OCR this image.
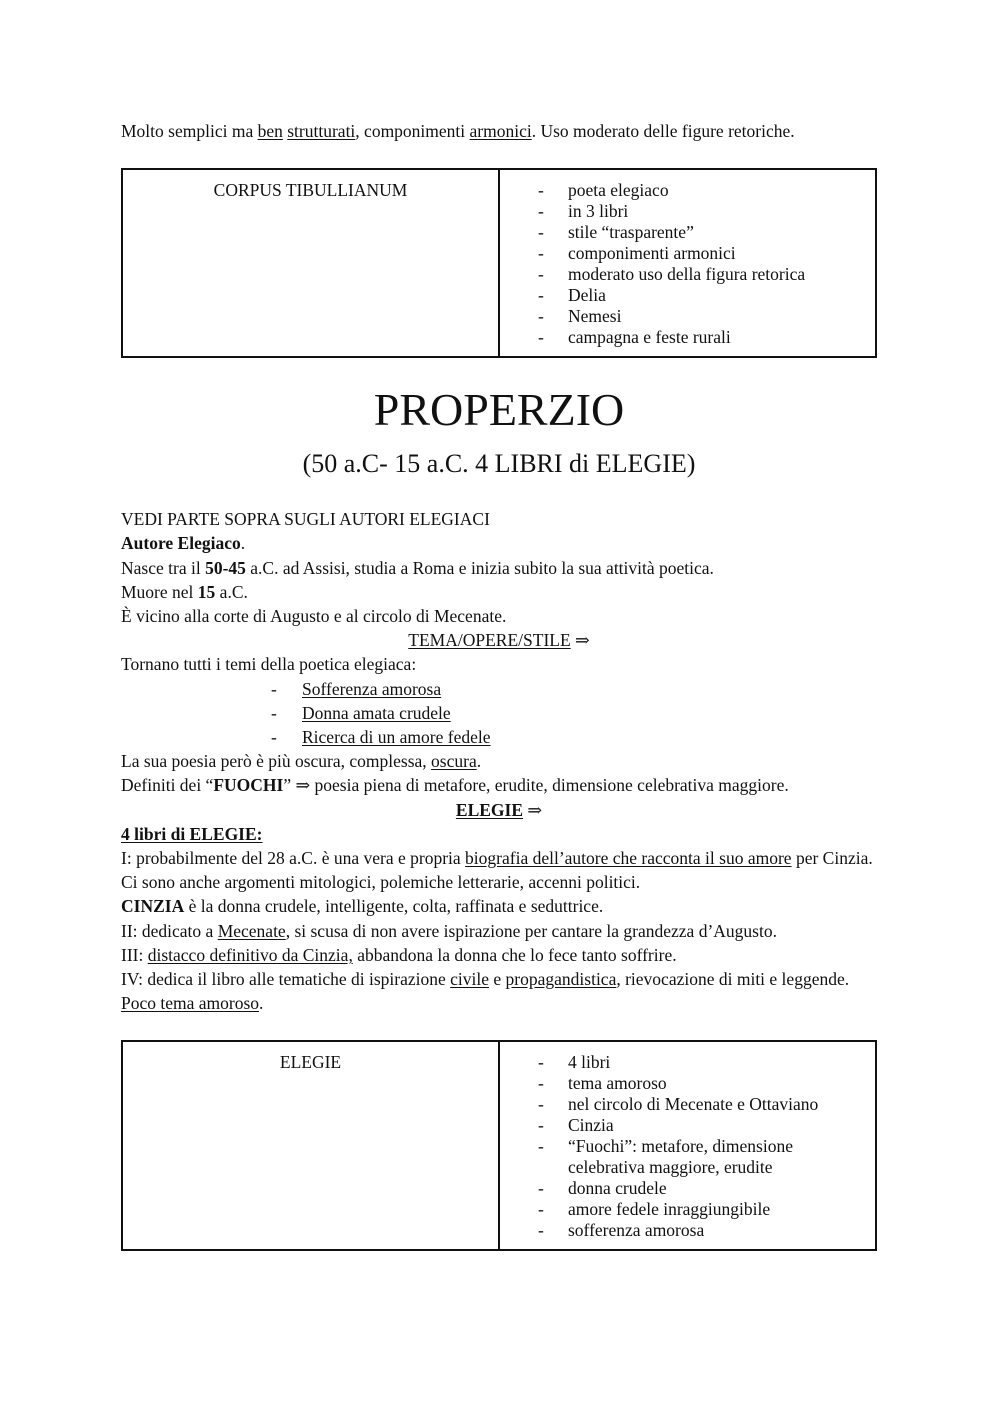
Molto semplici ma ben strutturati, componimenti armonici. Uso moderato delle figure retoriche.

CORPUS TIBULLIANUM	- poeta elegiaco
- in 3 libri
- stile “trasparente”
- componimenti armonici
- moderato uso della figura retorica
- Delia
- Nemesi
- campagna e feste rurali
PROPERZIO
(50 a.C- 15 a.C. 4 LIBRI di ELEGIE)

VEDI PARTE SOPRA SUGLI AUTORI ELEGIACI

Autore Elegiaco.

Nasce tra il 50-45 a.C. ad Assisi, studia a Roma e inizia subito la sua attività poetica.

Muore nel 15 a.C.

È vicino alla corte di Augusto e al circolo di Mecenate.

TEMA/OPERE/STILE ⇒

Tornano tutti i temi della poetica elegiaca:

- Sofferenza amorosa
- Donna amata crudele
- Ricerca di un amore fedele

La sua poesia però è più oscura, complessa, oscura.

Definiti dei “FUOCHI” ⇒ poesia piena di metafore, erudite, dimensione celebrativa maggiore.

ELEGIE ⇒

4 libri di ELEGIE:

I: probabilmente del 28 a.C. è una vera e propria biografia dell’autore che racconta il suo amore per Cinzia. Ci sono anche argomenti mitologici, polemiche letterarie, accenni politici.

CINZIA è la donna crudele, intelligente, colta, raffinata e seduttrice.

II: dedicato a Mecenate, si scusa di non avere ispirazione per cantare la grandezza d’Augusto.

III: distacco definitivo da Cinzia, abbandona la donna che lo fece tanto soffrire.

IV: dedica il libro alle tematiche di ispirazione civile e propagandistica, rievocazione di miti e leggende. Poco tema amoroso.

ELEGIE	- 4 libri
- tema amoroso
- nel circolo di Mecenate e Ottaviano
- Cinzia
- “Fuochi”: metafore, dimensione celebrativa maggiore, erudite
- donna crudele
- amore fedele inraggiungibile
- sofferenza amorosa
